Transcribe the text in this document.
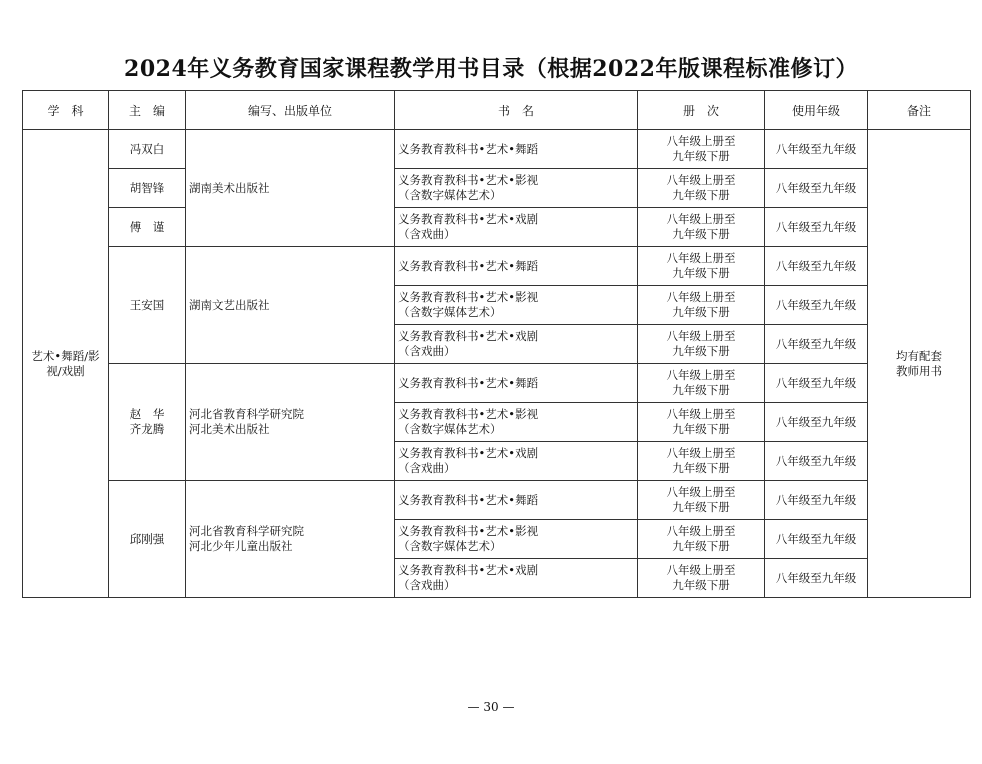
2024年义务教育国家课程教学用书目录（根据2022年版课程标准修订）
学　科	主　编	编写、出版单位	书　名	册　次	使用年级	备注

艺术•舞蹈/影
视/戏剧	冯双白	湖南美术出版社	义务教育教科书•艺术•舞蹈	八年级上册至
九年级下册	八年级至九年级	均有配套
教师用书

	胡智锋		义务教育教科书•艺术•影视
（含数字媒体艺术）	八年级上册至
九年级下册	八年级至九年级	
	傅　谨		义务教育教科书•艺术•戏剧
（含戏曲）	八年级上册至
九年级下册	八年级至九年级	
	王安国	湖南文艺出版社	义务教育教科书•艺术•舞蹈	八年级上册至
九年级下册	八年级至九年级	

			义务教育教科书•艺术•影视
（含数字媒体艺术）	八年级上册至
九年级下册	八年级至九年级	

			义务教育教科书•艺术•戏剧
（含戏曲）	八年级上册至
九年级下册	八年级至九年级	

	赵　华
齐龙腾	河北省教育科学研究院
河北美术出版社	义务教育教科书•艺术•舞蹈	八年级上册至
九年级下册	八年级至九年级	

			义务教育教科书•艺术•影视
（含数字媒体艺术）	八年级上册至
九年级下册	八年级至九年级	

			义务教育教科书•艺术•戏剧
（含戏曲）	八年级上册至
九年级下册	八年级至九年级	
	邱刚强	河北省教育科学研究院
河北少年儿童出版社	义务教育教科书•艺术•舞蹈	八年级上册至
九年级下册	八年级至九年级	

			义务教育教科书•艺术•影视
（含数字媒体艺术）	八年级上册至
九年级下册	八年级至九年级	

			义务教育教科书•艺术•戏剧
（含戏曲）	八年级上册至
九年级下册	八年级至九年级	
— 30 —
